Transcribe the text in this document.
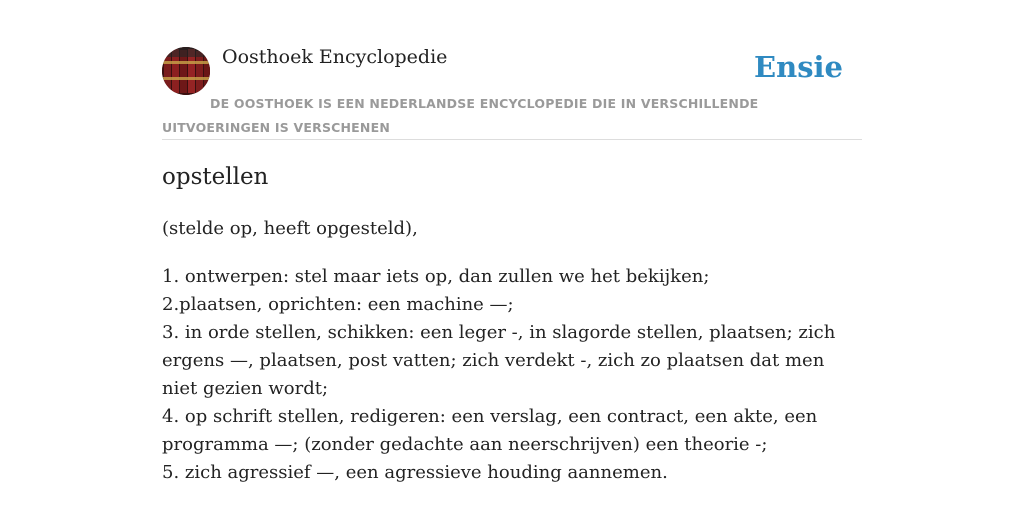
Oosthoek Encyclopedie	Ensie
DE OOSTHOEK IS EEN NEDERLANDSE ENCYCLOPEDIE DIE IN VERSCHILLENDE UITVOERINGEN IS VERSCHENEN
opstellen
(stelde op, heeft opgesteld),
1. ontwerpen: stel maar iets op, dan zullen we het bekijken;
2.plaatsen, oprichten: een machine —;
3. in orde stellen, schikken: een leger -, in slagorde stellen, plaatsen; zich ergens —, plaatsen, post vatten; zich verdekt -, zich zo plaatsen dat men niet gezien wordt;
4. op schrift stellen, redigeren: een verslag, een contract, een akte, een programma —; (zonder gedachte aan neerschrijven) een theorie -;
5. zich agressief —, een agressieve houding aannemen.
